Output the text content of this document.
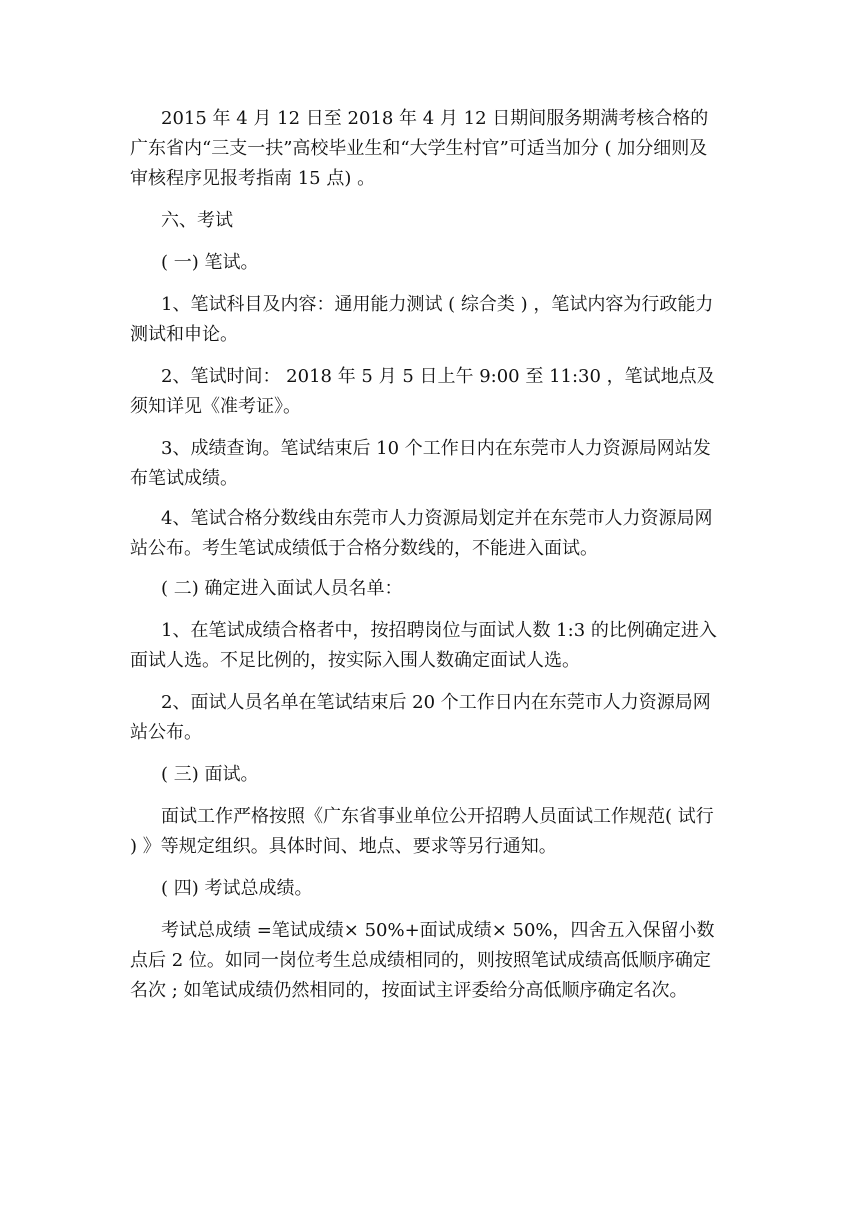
2015 年 4 月 12 日至 2018 年 4 月 12 日期间服务期满考核合格的广东省内“三支一扶”高校毕业生和“大学生村官”可适当加分 ( 加分细则及审核程序见报考指南 15 点) 。

六、考试

( 一) 笔试。

1、笔试科目及内容：通用能力测试 ( 综合类 ) ，笔试内容为行政能力测试和申论。

2、笔试时间： 2018 年 5 月 5 日上午 9:00 至 11:30 ，笔试地点及须知详见《准考证》。

3、成绩查询。笔试结束后 10 个工作日内在东莞市人力资源局网站发布笔试成绩。

4、笔试合格分数线由东莞市人力资源局划定并在东莞市人力资源局网站公布。考生笔试成绩低于合格分数线的，不能进入面试。

( 二) 确定进入面试人员名单：

1、在笔试成绩合格者中，按招聘岗位与面试人数 1:3 的比例确定进入面试人选。不足比例的，按实际入围人数确定面试人选。

2、面试人员名单在笔试结束后 20 个工作日内在东莞市人力资源局网站公布。

( 三) 面试。

面试工作严格按照《广东省事业单位公开招聘人员面试工作规范( 试行 ) 》等规定组织。具体时间、地点、要求等另行通知。

( 四) 考试总成绩。

考试总成绩 =笔试成绩× 50%+面试成绩× 50%，四舍五入保留小数点后 2 位。如同一岗位考生总成绩相同的，则按照笔试成绩高低顺序确定名次 ; 如笔试成绩仍然相同的，按面试主评委给分高低顺序确定名次。
